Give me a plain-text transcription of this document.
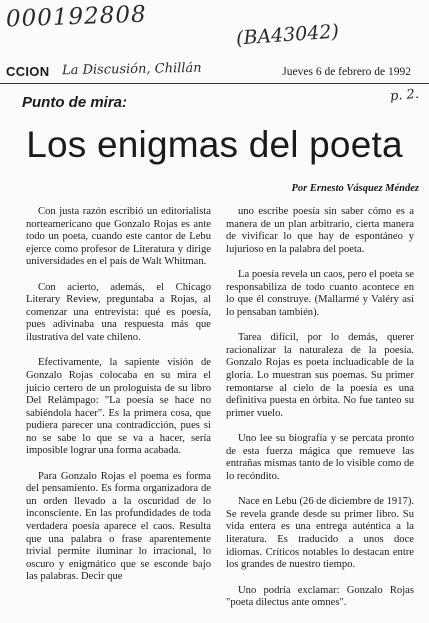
000192808
(BA43042)
CCION La Discusión, Chillán	Jueves 6 de febrero de 1992
p. 2.
Punto de mira:
Los enigmas del poeta
Por Ernesto Vásquez Méndez

Con justa razón escribió un editorialista norteamericano que Gonzalo Rojas es ante todo un poeta, cuando este cantor de Lebu ejerce como profesor de Literatura y dirige universidades en el país de Walt Whitman.

Con acierto, además, el Chicago Literary Review, preguntaba a Rojas, al comenzar una entrevista: qué es poesía, pues adivinaba una respuesta más que ilustrativa del vate chileno.

Efectivamente, la sapiente visión de Gonzalo Rojas colocaba en su mira el juicio certero de un prologuista de su libro Del Relámpago: "La poesía se hace no sabiéndola hacer". Es la primera cosa, que pudiera parecer una contradicción, pues si no se sabe lo que se va a hacer, sería imposible lograr una forma acabada.

Para Gonzalo Rojas el poema es forma del pensamiento. Es forma organizadora de un orden llevado a la oscuridad de lo inconsciente. En las profundidades de toda verdadera poesía aparece el caos. Resulta que una palabra o frase aparentemente trivial permite iluminar lo irracional, lo oscuro y enigmático que se esconde bajo las palabras. Decir que

uno escribe poesía sin saber cómo es a manera de un plan arbitrario, cierta manera de vivificar lo que hay de espontáneo y lujurioso en la palabra del poeta.

La poesía revela un caos, pero el poeta se responsabiliza de todo cuanto acontece en lo que él construye. (Mallarmé y Valéry así lo pensaban también).

Tarea difícil, por lo demás, querer racionalizar la naturaleza de la poesía. Gonzalo Rojas es poeta incluadicable de la gloria. Lo muestran sus poemas. Su primer remontarse al cielo de la poesía es una definitiva puesta en órbita. No fue tanteo su primer vuelo.

Uno lee su biografía y se percata pronto de esta fuerza mágica que remueve las entrañas mismas tanto de lo visible como de lo recóndito.

Nace en Lebu (26 de diciembre de 1917). Se revela grande desde su primer libro. Su vida entera es una entrega auténtica a la literatura. Es traducido a unos doce idiomas. Críticos notables lo destacan entre los grandes de nuestro tiempo.

Uno podría exclamar: Gonzalo Rojas "poeta dilectus ante omnes".
